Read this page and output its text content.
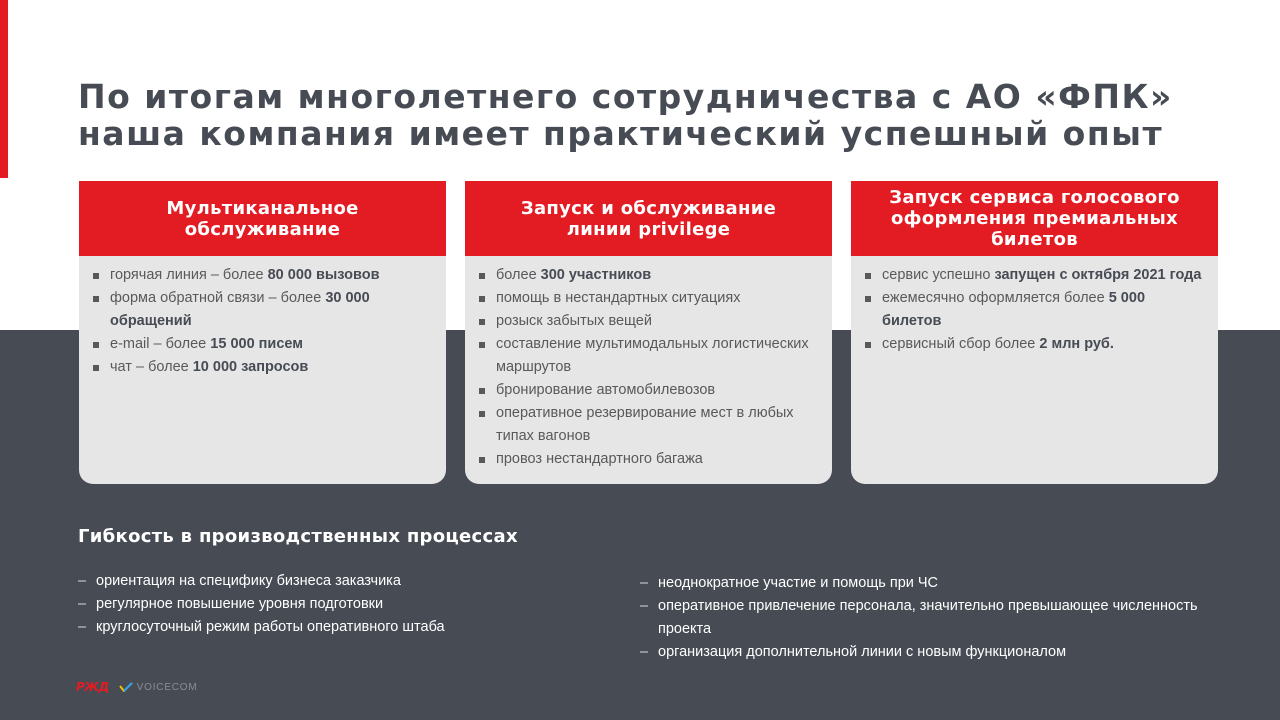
По итогам многолетнего сотрудничества с АО «ФПК»
наша компания имеет практический успешный опыт
Мультиканальное
обслуживание
горячая линия – более 80 000 вызовов
форма обратной связи – более 30 000 обращений
e-mail – более 15 000 писем
чат – более 10 000 запросов
Запуск и обслуживание
линии privilege
более 300 участников
помощь в нестандартных ситуациях
розыск забытых вещей
составление мультимодальных логистических маршрутов
бронирование автомобилевозов
оперативное резервирование мест в любых типах вагонов
провоз нестандартного багажа
Запуск сервиса голосового
оформления премиальных
билетов
сервис успешно запущен с октября 2021 года
ежемесячно оформляется более 5 000 билетов
сервисный сбор более 2 млн руб.
Гибкость в производственных процессах
– ориентация на специфику бизнеса заказчика
– регулярное повышение уровня подготовки
– круглосуточный режим работы оперативного штаба
– неоднократное участие и помощь при ЧС
– оперативное привлечение персонала, значительно превышающее численность проекта
– организация дополнительной линии с новым функционалом
РЖД	VOICECOM
